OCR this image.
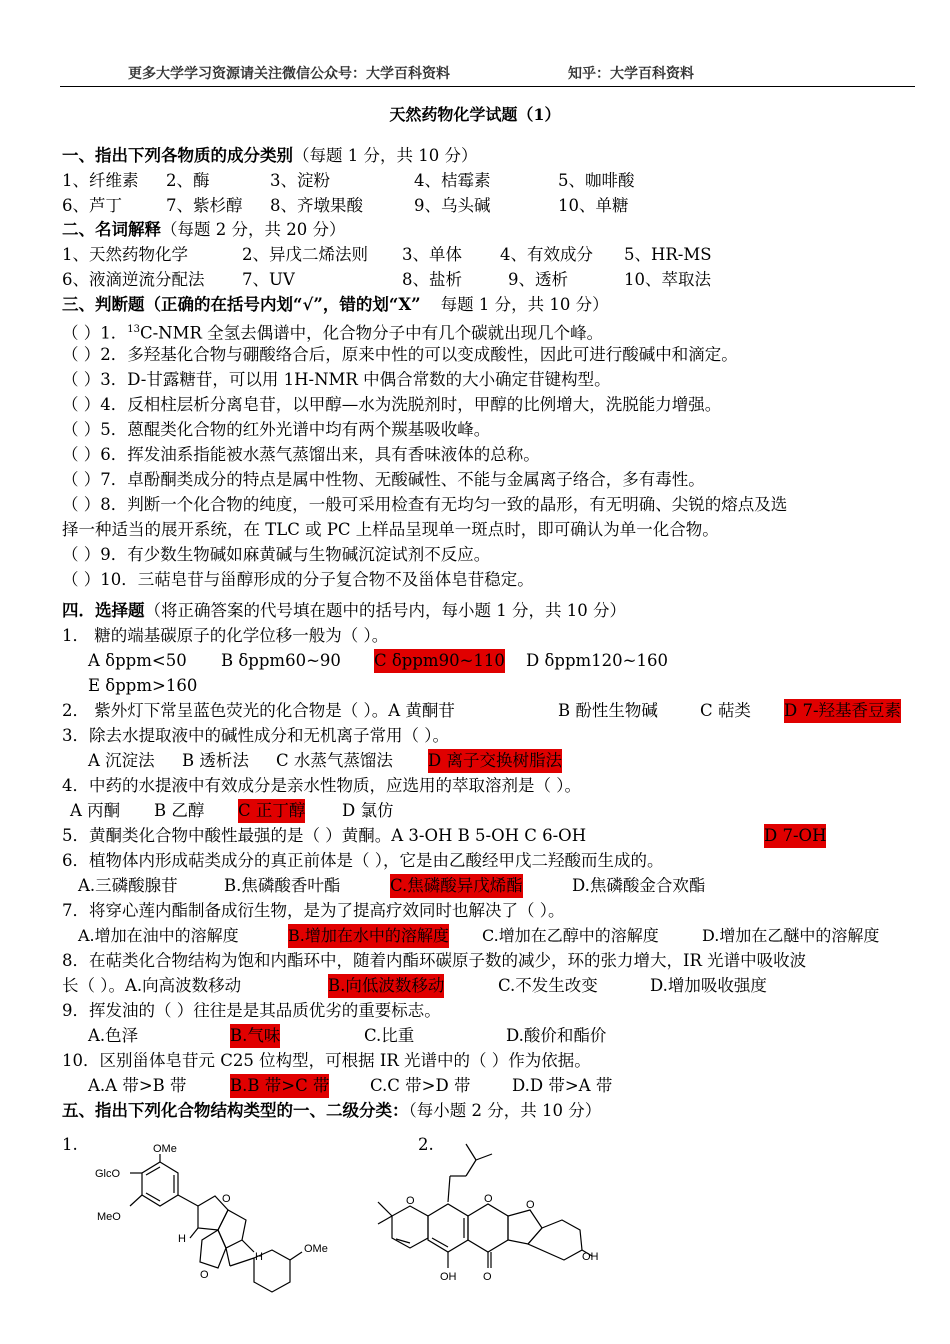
更多大学学习资源请关注微信公众号：大学百科资料	知乎：大学百科资料
天然药物化学试题（1）
一、指出下列各物质的成分类别（每题 1 分，共 10 分）
1、纤维素 2、酶	3、淀粉	4、桔霉素	5、咖啡酸
6、芦丁	7、紫杉醇 8、齐墩果酸	9、乌头碱	10、单糖
二、名词解释（每题 2 分，共 20 分）
1、天然药物化学	2、异戊二烯法则 3、单体 4、有效成分 5、HR-MS
6、液滴逆流分配法 7、UV	8、盐析	9、透析	10、萃取法
三、判断题（正确的在括号内划“√”，错的划“X” 每题 1 分，共 10 分）
（ ）1．$^{13}$C-NMR 全氢去偶谱中，化合物分子中有几个碳就出现几个峰。
（ ）2．多羟基化合物与硼酸络合后，原来中性的可以变成酸性，因此可进行酸碱中和滴定。
（ ）3．D-甘露糖苷，可以用 1H-NMR 中偶合常数的大小确定苷键构型。
（ ）4．反相柱层析分离皂苷，以甲醇—水为洗脱剂时，甲醇的比例增大，洗脱能力增强。
（ ）5．蒽醌类化合物的红外光谱中均有两个羰基吸收峰。
（ ）6．挥发油系指能被水蒸气蒸馏出来，具有香味液体的总称。
（ ）7．卓酚酮类成分的特点是属中性物、无酸碱性、不能与金属离子络合，多有毒性。
（ ）8．判断一个化合物的纯度，一般可采用检查有无均匀一致的晶形，有无明确、尖锐的熔点及选
择一种适当的展开系统，在 TLC 或 PC 上样品呈现单一斑点时，即可确认为单一化合物。
（ ）9．有少数生物碱如麻黄碱与生物碱沉淀试剂不反应。
（ ）10．三萜皂苷与甾醇形成的分子复合物不及甾体皂苷稳定。
四．选择题（将正确答案的代号填在题中的括号内，每小题 1 分，共 10 分）
1． 糖的端基碳原子的化学位移一般为（ ）。
A δppm<50 B δppm60~90 C δppm90~110 D δppm120~160
E δppm>160
2． 紫外灯下常呈蓝色荧光的化合物是（ ）。A 黄酮苷	B 酚性生物碱	C 萜类 D 7-羟基香豆素
3．除去水提取液中的碱性成分和无机离子常用（ ）。
A 沉淀法 B 透析法 C 水蒸气蒸馏法 D 离子交换树脂法
4．中药的水提液中有效成分是亲水性物质，应选用的萃取溶剂是（ ）。
A 丙酮 B 乙醇 C 正丁醇 D 氯仿
5．黄酮类化合物中酸性最强的是（ ）黄酮。A 3-OH B 5-OH C 6-OH	D 7-OH
6．植物体内形成萜类成分的真正前体是（ ），它是由乙酸经甲戊二羟酸而生成的。
A.三磷酸腺苷	B.焦磷酸香叶酯	C.焦磷酸异戊烯酯	D.焦磷酸金合欢酯
7．将穿心莲内酯制备成衍生物，是为了提高疗效同时也解决了（ ）。
A.增加在油中的溶解度	B.增加在水中的溶解度 C.增加在乙醇中的溶解度	D.增加在乙醚中的溶解度
8．在萜类化合物结构为饱和内酯环中，随着内酯环碳原子数的减少，环的张力增大，IR 光谱中吸收波
长（ ）。A.向高波数移动	B.向低波数移动	C.不发生改变	D.增加吸收强度
9．挥发油的（ ）往往是是其品质优劣的重要标志。
A.色泽	B.气味	C.比重	D.酸价和酯价
10．区别甾体皂苷元 C25 位构型，可根据 IR 光谱中的（ ）作为依据。
A.A 带>B 带	B.B 带>C 带 C.C 带>D 带	D.D 带>A 带
五、指出下列化合物结构类型的一、二级分类：（每小题 2 分，共 10 分）
1.	2.
OMe
GlcO
MeO
H
O
O
H
OMe
O	O	O
OH O
OH
